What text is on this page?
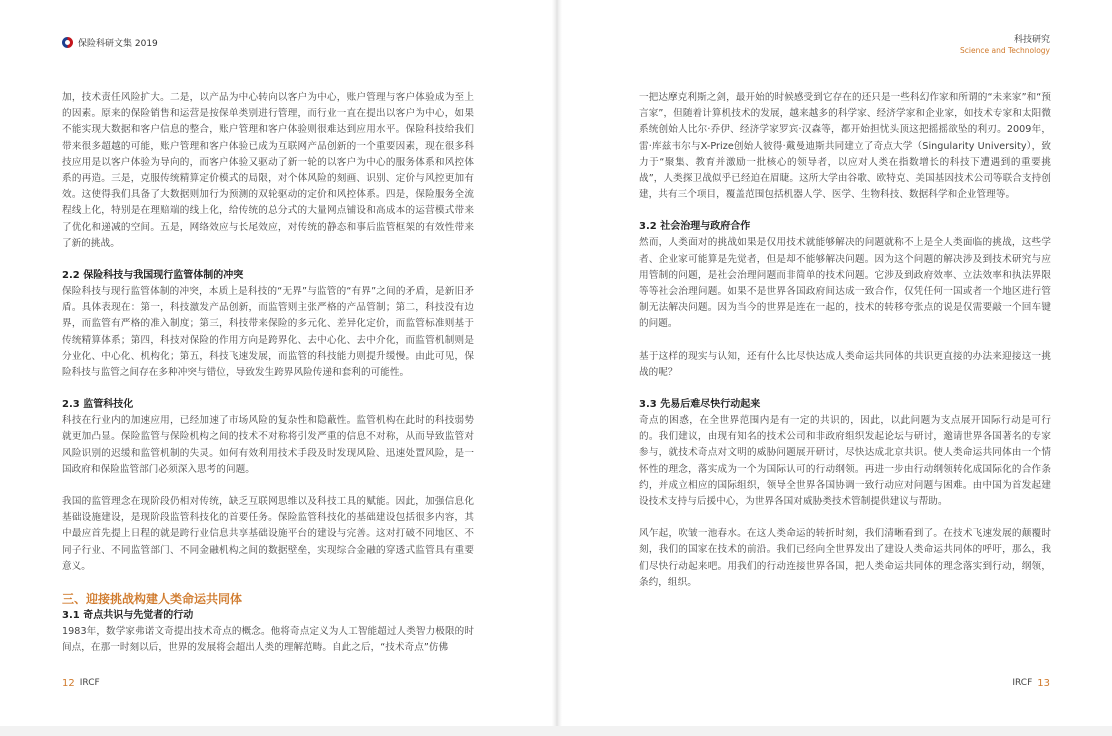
保险科研文集 2019	科技研究
Science and Technology

加，技术责任风险扩大。二是，以产品为中心转向以客户为中心，账户管理与客户体验成为至上的因素。原来的保险销售和运营是按保单类别进行管理，而行业一直在提出以客户为中心，如果不能实现大数据和客户信息的整合，账户管理和客户体验则很难达到应用水平。保险科技给我们带来很多超越的可能，账户管理和客户体验已成为互联网产品创新的一个重要因素，现在很多科技应用是以客户体验为导向的，而客户体验又驱动了新一轮的以客户为中心的服务体系和风控体系的再造。三是，克服传统精算定价模式的局限，对个体风险的刻画、识别、定价与风控更加有效。这使得我们具备了大数据则加行为预测的双轮驱动的定价和风控体系。四是，保险服务全流程线上化，特别是在理赔端的线上化，给传统的总分式的大量网点铺设和高成本的运营模式带来了优化和递减的空间。五是，网络效应与长尾效应，对传统的静态和事后监管框架的有效性带来了新的挑战。

2.2 保险科技与我国现行监管体制的冲突

保险科技与现行监管体制的冲突，本质上是科技的“无界”与监管的“有界”之间的矛盾，是新旧矛盾。具体表现在：第一，科技激发产品创新，而监管则主张严格的产品管制；第二，科技没有边界，而监管有严格的准入制度；第三，科技带来保险的多元化、差异化定价，而监管标准则基于传统精算体系；第四，科技对保险的作用方向是跨界化、去中心化、去中介化，而监管机制则是分业化、中心化、机构化；第五，科技飞速发展，而监管的科技能力则提升缓慢。由此可见，保险科技与监管之间存在多种冲突与错位，导致发生跨界风险传递和套利的可能性。

2.3 监管科技化

科技在行业内的加速应用，已经加速了市场风险的复杂性和隐蔽性。监管机构在此时的科技弱势就更加凸显。保险监管与保险机构之间的技术不对称将引发严重的信息不对称，从而导致监管对风险识别的迟缓和监管机制的失灵。如何有效利用技术手段及时发现风险、迅速处置风险，是一国政府和保险监管部门必须深入思考的问题。

我国的监管理念在现阶段仍相对传统，缺乏互联网思维以及科技工具的赋能。因此，加强信息化基础设施建设，是现阶段监管科技化的首要任务。保险监管科技化的基础建设包括很多内容，其中最应首先提上日程的就是跨行业信息共享基础设施平台的建设与完善。这对打破不同地区、不同子行业、不同监管部门、不同金融机构之间的数据壁垒，实现综合金融的穿透式监管具有重要意义。

三、迎接挑战构建人类命运共同体
3.1 奇点共识与先觉者的行动

1983年，数学家弗诺文奇提出技术奇点的概念。他将奇点定义为人工智能超过人类智力极限的时间点，在那一时刻以后，世界的发展将会超出人类的理解范畴。自此之后，“技术奇点”仿佛

一把达摩克利斯之剑，最开始的时候感受到它存在的还只是一些科幻作家和所谓的“未来家”和“预言家”，但随着计算机技术的发展，越来越多的科学家、经济学家和企业家，如技术专家和太阳微系统创始人比尔·乔伊、经济学家罗宾·汉森等，都开始担忧头顶这把摇摇欲坠的利刃。2009年，雷·库兹韦尔与X-Prize创始人彼得·戴曼迪斯共同建立了奇点大学（Singularity University），致力于“聚集、教育并激励一批核心的领导者，以应对人类在指数增长的科技下遭遇到的重要挑战”，人类探卫战似乎已经迫在眉睫。这所大学由谷歌、欧特克、美国基因技术公司等联合支持创建，共有三个项目，覆盖范围包括机器人学、医学、生物科技、数据科学和企业管理等。

3.2 社会治理与政府合作

然而，人类面对的挑战如果是仅用技术就能够解决的问题就称不上是全人类面临的挑战，这些学者、企业家可能算是先觉者，但是却不能够解决问题。因为这个问题的解决涉及到技术研究与应用管制的问题，是社会治理问题而非简单的技术问题。它涉及到政府效率、立法效率和执法界限等等社会治理问题。如果不是世界各国政府间达成一致合作，仅凭任何一国或者一个地区进行管制无法解决问题。因为当今的世界是连在一起的，技术的转移夸张点的说是仅需要敲一个回车键的问题。

基于这样的现实与认知，还有什么比尽快达成人类命运共同体的共识更直接的办法来迎接这一挑战的呢？

3.3 先易后难尽快行动起来

奇点的困惑，在全世界范围内是有一定的共识的，因此，以此问题为支点展开国际行动是可行的。我们建议，由现有知名的技术公司和非政府组织发起论坛与研讨，邀请世界各国著名的专家参与，就技术奇点对文明的威胁问题展开研讨，尽快达成北京共识。使人类命运共同体由一个情怀性的理念，落实成为一个为国际认可的行动纲领。再进一步由行动纲领转化成国际化的合作条约，并成立相应的国际组织，领导全世界各国协调一致行动应对问题与困难。由中国为首发起建设技术支持与后援中心，为世界各国对威胁类技术管制提供建议与帮助。

风乍起，吹皱一池春水。在这人类命运的转折时刻，我们清晰看到了。在技术飞速发展的颠覆时刻，我们的国家在技术的前沿。我们已经向全世界发出了建设人类命运共同体的呼吁，那么，我们尽快行动起来吧。用我们的行动连接世界各国，把人类命运共同体的理念落实到行动，纲领，条约，组织。

12 IRCF	IRCF 13
